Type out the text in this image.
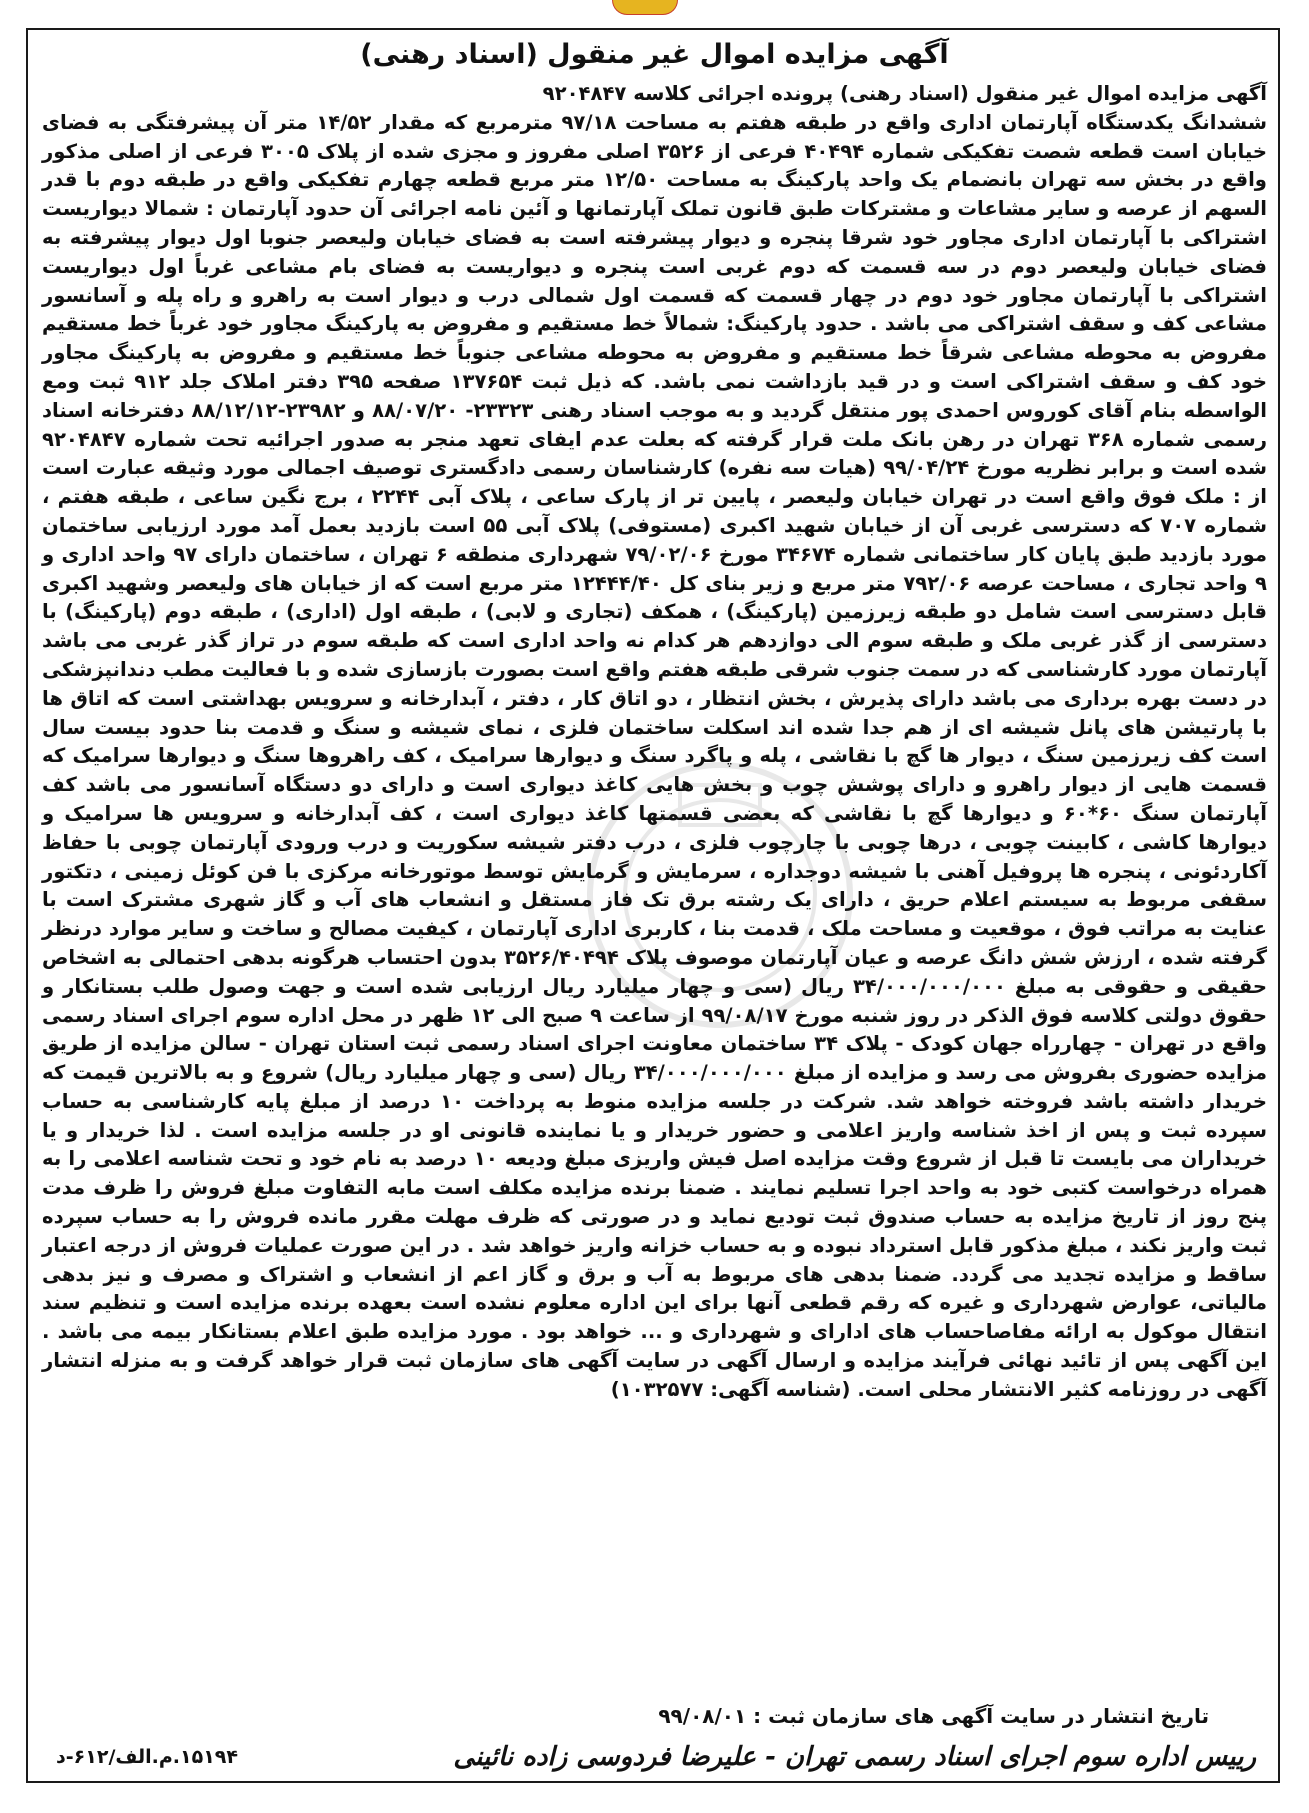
آگهی مزایده اموال غیر منقول (اسناد رهنی)

آگهی مزایده اموال غیر منقول (اسناد رهنی) پرونده اجرائی کلاسه ۹۲۰۴۸۴۷

ششدانگ یکدستگاه آپارتمان اداری واقع در طبقه هفتم به مساحت ۹۷/۱۸ مترمربع که مقدار ۱۴/۵۲ متر آن پیشرفتگی به فضای خیابان است قطعه شصت تفکیکی شماره ۴۰۴۹۴ فرعی از ۳۵۲۶ اصلی مفروز و مجزی شده از پلاک ۳۰۰۵ فرعی از اصلی مذکور واقع در بخش سه تهران بانضمام یک واحد پارکینگ به مساحت ۱۲/۵۰ متر مربع قطعه چهارم تفکیکی واقع در طبقه دوم با قدر السهم از عرصه و سایر مشاعات و مشترکات طبق قانون تملک آپارتمانها و آئین نامه اجرائی آن حدود آپارتمان : شمالا دیواریست اشتراکی با آپارتمان اداری مجاور خود شرقا پنجره و دیوار پیشرفته است به فضای خیابان ولیعصر جنوبا اول دیوار پیشرفته به فضای خیابان ولیعصر دوم در سه قسمت که دوم غربی است پنجره و دیواریست به فضای بام مشاعی غرباً اول دیواریست اشتراکی با آپارتمان مجاور خود دوم در چهار قسمت که قسمت اول شمالی درب و دیوار است به راهرو و راه پله و آسانسور مشاعی کف و سقف اشتراکی می باشد . حدود پارکینگ: شمالاً خط مستقیم و مفروض به پارکینگ مجاور خود غرباً خط مستقیم مفروض به محوطه مشاعی شرقاً خط مستقیم و مفروض به محوطه مشاعی جنوباً خط مستقیم و مفروض به پارکینگ مجاور خود کف و سقف اشتراکی است و در قید بازداشت نمی باشد. که ذیل ثبت ۱۳۷۶۵۴ صفحه ۳۹۵ دفتر املاک جلد ۹۱۲ ثبت ومع الواسطه بنام آقای کوروس احمدی پور منتقل گردید و به موجب اسناد رهنی ۲۳۳۲۳- ۸۸/۰۷/۲۰ و ۲۳۹۸۲-۸۸/۱۲/۱۲ دفترخانه اسناد رسمی شماره ۳۶۸ تهران در رهن بانک ملت قرار گرفته که بعلت عدم ایفای تعهد منجر به صدور اجرائیه تحت شماره ۹۲۰۴۸۴۷ شده است و برابر نظریه مورخ ۹۹/۰۴/۲۴ (هیات سه نفره) کارشناسان رسمی دادگستری توصیف اجمالی مورد وثیقه عبارت است از : ملک فوق واقع است در تهران خیابان ولیعصر ، پایین تر از پارک ساعی ، پلاک آبی ۲۲۴۴ ، برج نگین ساعی ، طبقه هفتم ، شماره ۷۰۷ که دسترسی غربی آن از خیابان شهید اکبری (مستوفی) پلاک آبی ۵۵ است بازدید بعمل آمد مورد ارزیابی ساختمان مورد بازدید طبق پایان کار ساختمانی شماره ۳۴۶۷۴ مورخ ۷۹/۰۲/۰۶ شهرداری منطقه ۶ تهران ، ساختمان دارای ۹۷ واحد اداری و ۹ واحد تجاری ، مساحت عرصه ۷۹۲/۰۶ متر مربع و زیر بنای کل ۱۲۴۴۴/۴۰ متر مربع است که از خیابان های ولیعصر وشهید اکبری قابل دسترسی است شامل دو طبقه زیرزمین (پارکینگ) ، همکف (تجاری و لابی) ، طبقه اول (اداری) ، طبقه دوم (پارکینگ) با دسترسی از گذر غربی ملک و طبقه سوم الی دوازدهم هر کدام نه واحد اداری است که طبقه سوم در تراز گذر غربی می باشد آپارتمان مورد کارشناسی که در سمت جنوب شرقی طبقه هفتم واقع است بصورت بازسازی شده و با فعالیت مطب دندانپزشکی در دست بهره برداری می باشد دارای پذیرش ، بخش انتظار ، دو اتاق کار ، دفتر ، آبدارخانه و سرویس بهداشتی است که اتاق ها با پارتیشن های پانل شیشه ای از هم جدا شده اند اسکلت ساختمان فلزی ، نمای شیشه و سنگ و قدمت بنا حدود بیست سال است کف زیرزمین سنگ ، دیوار ها گچ با نقاشی ، پله و پاگرد سنگ و دیوارها سرامیک ، کف راهروها سنگ و دیوارها سرامیک که قسمت هایی از دیوار راهرو و دارای پوشش چوب و بخش هایی کاغذ دیواری است و دارای دو دستگاه آسانسور می باشد کف آپارتمان سنگ ۶۰*۶۰ و دیوارها گچ با نقاشی که بعضی قسمتها کاغذ دیواری است ، کف آبدارخانه و سرویس ها سرامیک و دیوارها کاشی ، کابینت چوبی ، درها چوبی با چارچوب فلزی ، درب دفتر شیشه سکوریت و درب ورودی آپارتمان چوبی با حفاظ آکاردئونی ، پنجره ها پروفیل آهنی با شیشه دوجداره ، سرمایش و گرمایش توسط موتورخانه مرکزی با فن کوئل زمینی ، دتکتور سقفی مربوط به سیستم اعلام حریق ، دارای یک رشته برق تک فاز مستقل و انشعاب های آب و گاز شهری مشترک است با عنایت به مراتب فوق ، موقعیت و مساحت ملک ، قدمت بنا ، کاربری اداری آپارتمان ، کیفیت مصالح و ساخت و سایر موارد درنظر گرفته شده ، ارزش شش دانگ عرصه و عیان آپارتمان موصوف پلاک ۳۵۲۶/۴۰۴۹۴ بدون احتساب هرگونه بدهی احتمالی به اشخاص حقیقی و حقوقی به مبلغ ۳۴/۰۰۰/۰۰۰/۰۰۰ ریال (سی و چهار میلیارد ریال ارزیابی شده است و جهت وصول طلب بستانکار و حقوق دولتی کلاسه فوق الذکر در روز شنبه مورخ ۹۹/۰۸/۱۷ از ساعت ۹ صبح الی ۱۲ ظهر در محل اداره سوم اجرای اسناد رسمی واقع در تهران - چهارراه جهان کودک - پلاک ۳۴ ساختمان معاونت اجرای اسناد رسمی ثبت استان تهران - سالن مزایده از طریق مزایده حضوری بفروش می رسد و مزایده از مبلغ ۳۴/۰۰۰/۰۰۰/۰۰۰ ریال (سی و چهار میلیارد ریال) شروع و به بالاترین قیمت که خریدار داشته باشد فروخته خواهد شد. شرکت در جلسه مزایده منوط به پرداخت ۱۰ درصد از مبلغ پایه کارشناسی به حساب سپرده ثبت و پس از اخذ شناسه واریز اعلامی و حضور خریدار و یا نماینده قانونی او در جلسه مزایده است . لذا خریدار و یا خریداران می بایست تا قبل از شروع وقت مزایده اصل فیش واریزی مبلغ ودیعه ۱۰ درصد به نام خود و تحت شناسه اعلامی را به همراه درخواست کتبی خود به واحد اجرا تسلیم نمایند . ضمنا برنده مزایده مکلف است مابه التفاوت مبلغ فروش را ظرف مدت پنج روز از تاریخ مزایده به حساب صندوق ثبت تودیع نماید و در صورتی که ظرف مهلت مقرر مانده فروش را به حساب سپرده ثبت واریز نکند ، مبلغ مذکور قابل استرداد نبوده و به حساب خزانه واریز خواهد شد . در این صورت عملیات فروش از درجه اعتبار ساقط و مزایده تجدید می گردد. ضمنا بدهی های مربوط به آب و برق و گاز اعم از انشعاب و اشتراک و مصرف و نیز بدهی مالیاتی، عوارض شهرداری و غیره که رقم قطعی آنها برای این اداره معلوم نشده است بعهده برنده مزایده است و تنظیم سند انتقال موکول به ارائه مفاصاحساب های ادارای و شهرداری و ... خواهد بود . مورد مزایده طبق اعلام بستانکار بیمه می باشد . این آگهی پس از تائید نهائی فرآیند مزایده و ارسال آگهی در سایت آگهی های سازمان ثبت قرار خواهد گرفت و به منزله انتشار آگهی در روزنامه کثیر الانتشار محلی است. (شناسه آگهی: ۱۰۳۲۵۷۷)

تاریخ انتشار در سایت آگهی های سازمان ثبت : ۹۹/۰۸/۰۱
رییس اداره سوم اجرای اسناد رسمی تهران - علیرضا فردوسی زاده نائینی
۱۵۱۹۴.م.الف/۶۱۲-د
